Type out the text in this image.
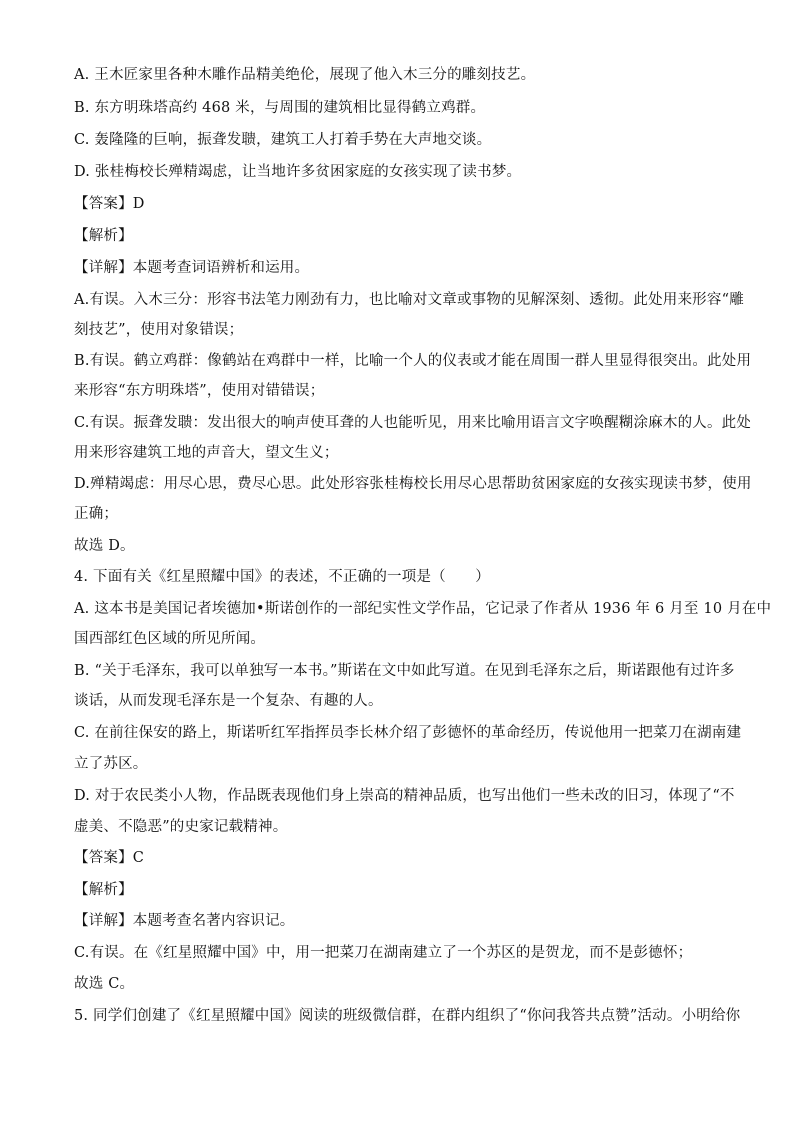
A. 王木匠家里各种木雕作品精美绝伦，展现了他入木三分的雕刻技艺。
B. 东方明珠塔高约 468 米，与周围的建筑相比显得鹤立鸡群。
C. 轰隆隆的巨响，振聋发聩，建筑工人打着手势在大声地交谈。
D. 张桂梅校长殚精竭虑，让当地许多贫困家庭的女孩实现了读书梦。
【答案】D
【解析】
【详解】本题考查词语辨析和运用。
A.有误。入木三分：形容书法笔力刚劲有力，也比喻对文章或事物的见解深刻、透彻。此处用来形容“雕
刻技艺”，使用对象错误；
B.有误。鹤立鸡群：像鹤站在鸡群中一样，比喻一个人的仪表或才能在周围一群人里显得很突出。此处用
来形容“东方明珠塔”，使用对错错误；
C.有误。振聋发聩：发出很大的响声使耳聋的人也能听见，用来比喻用语言文字唤醒糊涂麻木的人。此处
用来形容建筑工地的声音大，望文生义；
D.殚精竭虑：用尽心思，费尽心思。此处形容张桂梅校长用尽心思帮助贫困家庭的女孩实现读书梦，使用
正确；
故选 D。
4. 下面有关《红星照耀中国》的表述，不正确的一项是（　　）
A. 这本书是美国记者埃德加•斯诺创作的一部纪实性文学作品，它记录了作者从 1936 年 6 月至 10 月在中
国西部红色区域的所见所闻。
B. “关于毛泽东，我可以单独写一本书。”斯诺在文中如此写道。在见到毛泽东之后，斯诺跟他有过许多
谈话，从而发现毛泽东是一个复杂、有趣的人。
C. 在前往保安的路上，斯诺听红军指挥员李长林介绍了彭德怀的革命经历，传说他用一把菜刀在湖南建
立了苏区。
D. 对于农民类小人物，作品既表现他们身上崇高的精神品质，也写出他们一些未改的旧习，体现了“不
虚美、不隐恶”的史家记载精神。
【答案】C
【解析】
【详解】本题考查名著内容识记。
C.有误。在《红星照耀中国》中，用一把菜刀在湖南建立了一个苏区的是贺龙，而不是彭德怀；
故选 C。
5. 同学们创建了《红星照耀中国》阅读的班级微信群，在群内组织了“你问我答共点赞”活动。小明给你
